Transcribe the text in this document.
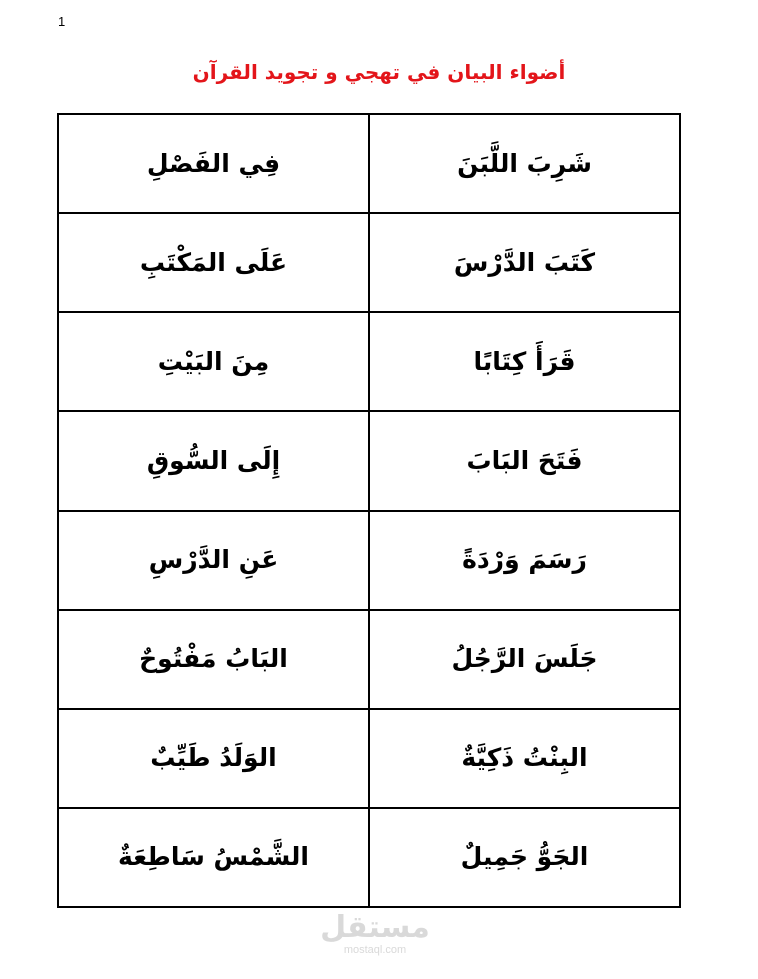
1
أضواء البيان في تهجي و تجويد القرآن
شَرِبَ اللَّبَنَ	فِي الفَصْلِ
كَتَبَ الدَّرْسَ	عَلَى المَكْتَبِ
قَرَأَ كِتَابًا	مِنَ البَيْتِ
فَتَحَ البَابَ	إِلَى السُّوقِ
رَسَمَ وَرْدَةً	عَنِ الدَّرْسِ
جَلَسَ الرَّجُلُ	البَابُ مَفْتُوحٌ
البِنْتُ ذَكِيَّةٌ	الوَلَدُ طَيِّبٌ
الجَوُّ جَمِيلٌ	الشَّمْسُ سَاطِعَةٌ
مستقل
mostaql.com
